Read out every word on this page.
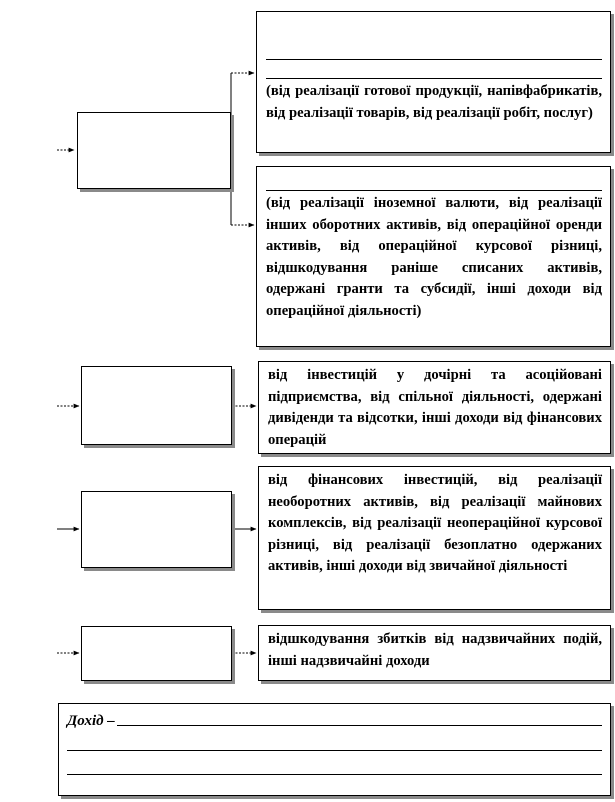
(від реалізації готової продукції, напівфабрикатів, від реалізації товарів, від реалізації робіт, послуг)
(від реалізації іноземної валюти, від реалізації інших оборотних активів, від операційної оренди активів, від операційної курсової різниці, відшкодування раніше списаних активів, одержані гранти та субсидії, інші доходи від операційної діяльності)
від інвестицій у дочірні та асоційовані підприємства, від спільної діяльності, одержані дивіденди та відсотки, інші доходи від фінансових операцій
від фінансових інвестицій, від реалізації необоротних активів, від реалізації майнових комплексів, від реалізації неопераційної курсової різниці, від реалізації безоплатно одержаних активів, інші доходи від звичайної діяльності
відшкодування збитків від надзвичайних подій, інші надзвичайні доходи
Дохід –
